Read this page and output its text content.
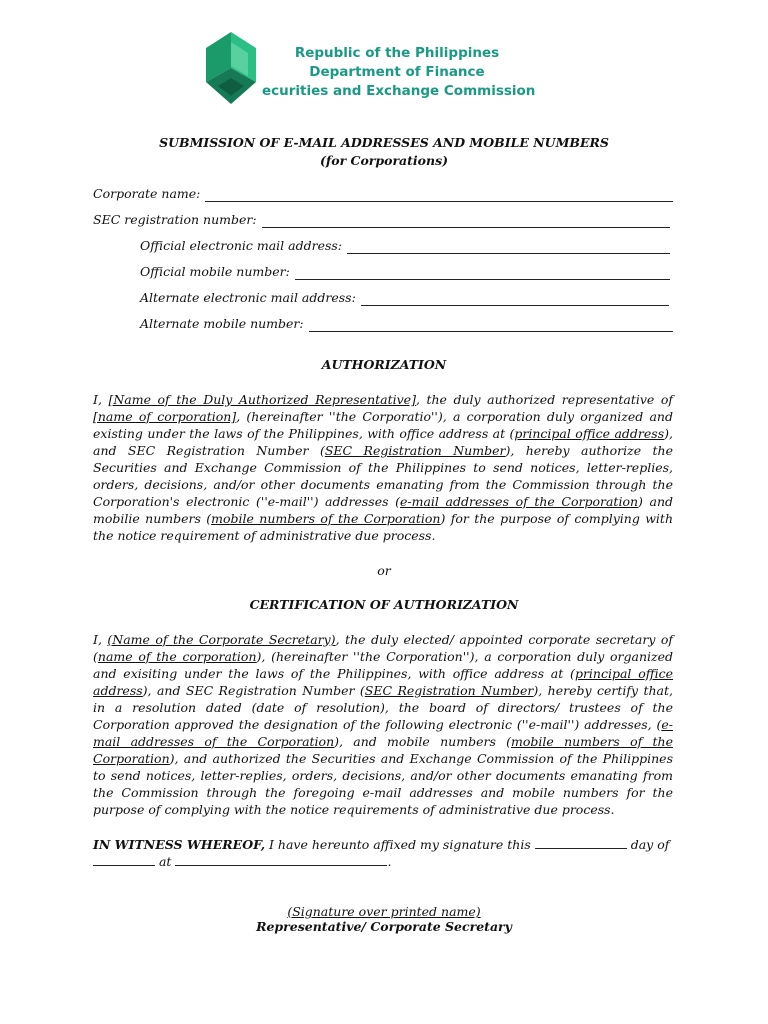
Republic of the Philippines
Department of Finance
ecurities and Exchange Commission
SUBMISSION OF E-MAIL ADDRESSES AND MOBILE NUMBERS
(for Corporations)
Corporate name:
SEC registration number:
Official electronic mail address:
Official mobile number:
Alternate electronic mail address:
Alternate mobile number:
AUTHORIZATION
I, [Name of the Duly Authorized Representative], the duly authorized representative of [name of corporation], (hereinafter ''the Corporatio''), a corporation duly organized and existing under the laws of the Philippines, with office address at (principal office address), and SEC Registration Number (SEC Registration Number), hereby authorize the Securities and Exchange Commission of the Philippines to send notices, letter-replies, orders, decisions, and/or other documents emanating from the Commission through the Corporation's electronic (''e-mail'') addresses (e-mail addresses of the Corporation) and mobilie numbers (mobile numbers of the Corporation) for the purpose of complying with the notice requirement of administrative due process.
or
CERTIFICATION OF AUTHORIZATION
I, (Name of the Corporate Secretary), the duly elected/ appointed corporate secretary of (name of the corporation), (hereinafter ''the Corporation''), a corporation duly organized and exisiting under the laws of the Philippines, with office address at (principal office address), and SEC Registration Number (SEC Registration Number), hereby certify that, in a resolution dated (date of resolution), the board of directors/ trustees of the Corporation approved the designation of the following electronic (''e-mail'') addresses, (e-mail addresses of the Corporation), and mobile numbers (mobile numbers of the Corporation), and authorized the Securities and Exchange Commission of the Philippines to send notices, letter-replies, orders, decisions, and/or other documents emanating from the Commission through the foregoing e-mail addresses and mobile numbers for the purpose of complying with the notice requirements of administrative due process.
IN WITNESS WHEREOF, I have hereunto affixed my signature this	day of
at	.
(Signature over printed name)
Representative/ Corporate Secretary
